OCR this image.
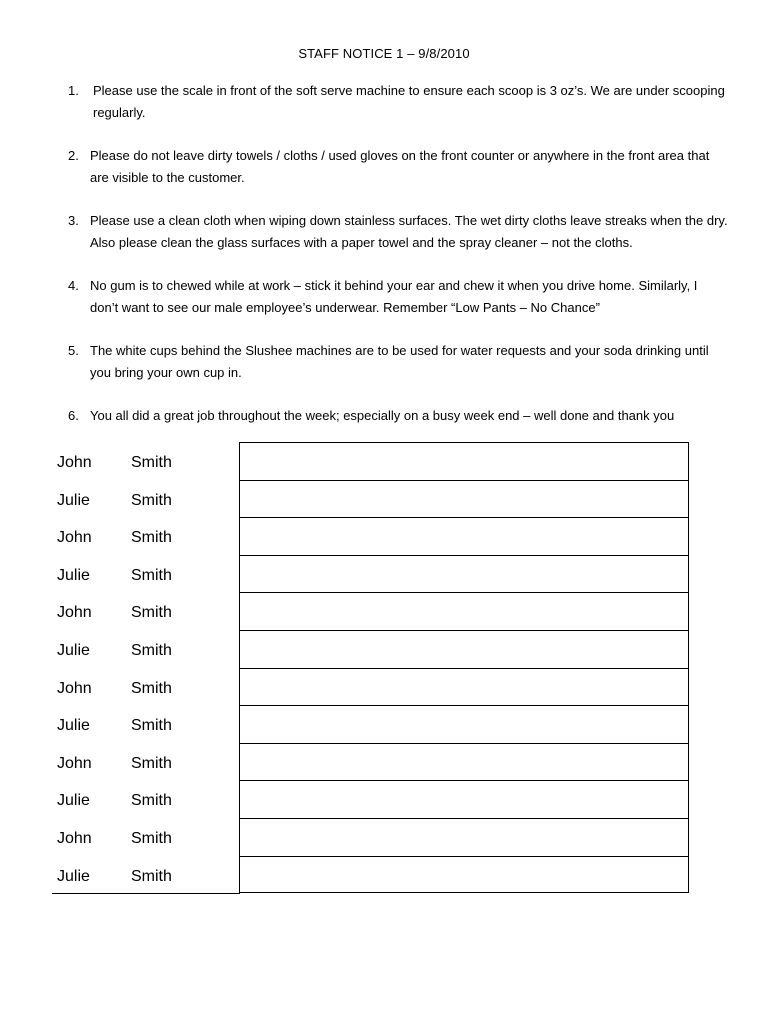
STAFF NOTICE 1 – 9/8/2010
1. Please use the scale in front of the soft serve machine to ensure each scoop is 3 oz’s. We are under scooping regularly.
2. Please do not leave dirty towels / cloths / used gloves on the front counter or anywhere in the front area that are visible to the customer.
3. Please use a clean cloth when wiping down stainless surfaces. The wet dirty cloths leave streaks when the dry. Also please clean the glass surfaces with a paper towel and the spray cleaner – not the cloths.
4. No gum is to chewed while at work – stick it behind your ear and chew it when you drive home. Similarly, I don’t want to see our male employee’s underwear. Remember “Low Pants – No Chance”
5. The white cups behind the Slushee machines are to be used for water requests and your soda drinking until you bring your own cup in.
6. You all did a great job throughout the week; especially on a busy week end – well done and thank you
John Smith
Julie	Smith
John Smith
Julie	Smith
John Smith
Julie	Smith
John Smith
Julie	Smith
John Smith
Julie	Smith
John Smith
Julie	Smith
